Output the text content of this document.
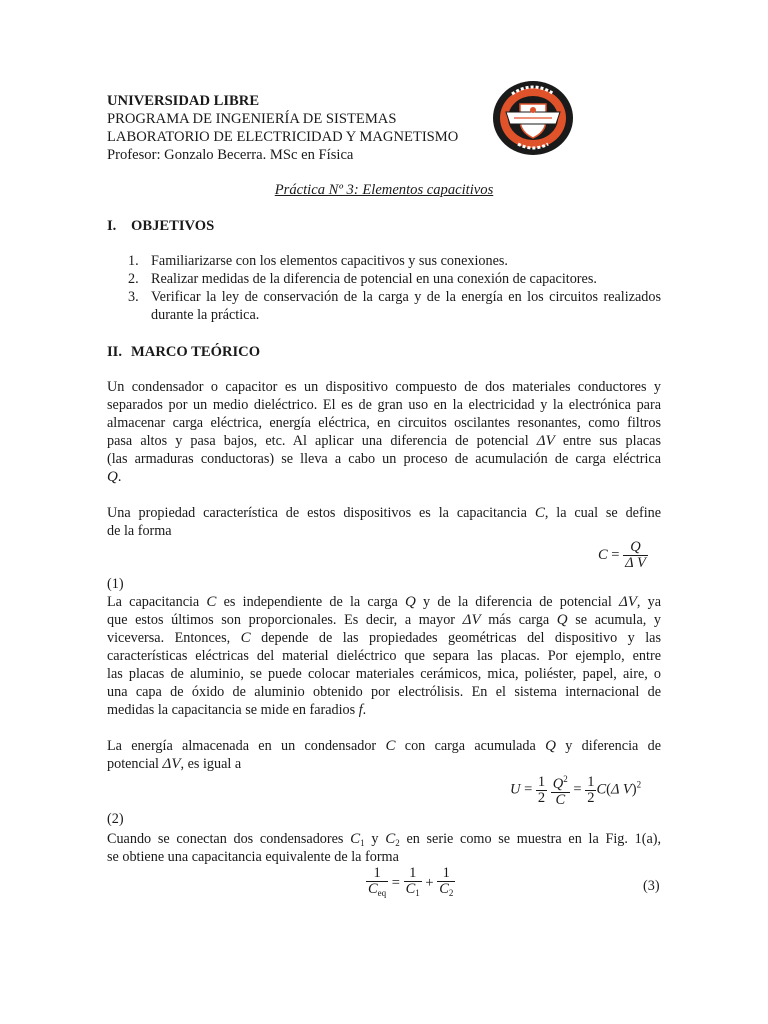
UNIVERSIDAD LIBRE
PROGRAMA DE INGENIERÍA DE SISTEMAS
LABORATORIO DE ELECTRICIDAD Y MAGNETISMO
Profesor: Gonzalo Becerra. MSc en Física
Práctica Nº 3: Elementos capacitivos
I. OBJETIVOS
1. Familiarizarse con los elementos capacitivos y sus conexiones.
2. Realizar medidas de la diferencia de potencial en una conexión de capacitores.
3. Verificar la ley de conservación de la carga y de la energía en los circuitos realizados durante la práctica.
II. MARCO TEÓRICO
Un condensador o capacitor es un dispositivo compuesto de dos materiales conductores y
separados por un medio dieléctrico. El es de gran uso en la electricidad y la electrónica para
almacenar carga eléctrica, energía eléctrica, en circuitos oscilantes resonantes, como filtros
pasa altos y pasa bajos, etc. Al aplicar una diferencia de potencial ΔV entre sus placas
(las armaduras conductoras) se lleva a cabo un proceso de acumulación de carga eléctrica
Q.
Una propiedad característica de estos dispositivos es la capacitancia C, la cual se define
de la forma
$C = \frac{Q}{\text{Δ V}}$
(1)
La capacitancia C es independiente de la carga Q y de la diferencia de potencial ΔV, ya
que estos últimos son proporcionales. Es decir, a mayor ΔV más carga Q se acumula, y
viceversa. Entonces, C depende de las propiedades geométricas del dispositivo y las
características eléctricas del material dieléctrico que separa las placas. Por ejemplo, entre
las placas de aluminio, se puede colocar materiales cerámicos, mica, poliéster, papel, aire, o
una capa de óxido de aluminio obtenido por electrólisis. En el sistema internacional de
medidas la capacitancia se mide en faradios f.
La energía almacenada en un condensador C con carga acumulada Q y diferencia de
potencial ΔV, es igual a
$U = \frac{1}{2}$
$\frac{Q^2}{C} = \frac{1}{2} C(\Delta$ V)$^2$
(2)
Cuando se conectan dos condensadores $C_1$ y $C_2$ en serie como se muestra en la Fig. 1(a),
se obtiene una capacitancia equivalente de la forma
$\frac{1}{C_{eq}} = \frac{1}{C_1} + \frac{1}{C_2}$	(3)
